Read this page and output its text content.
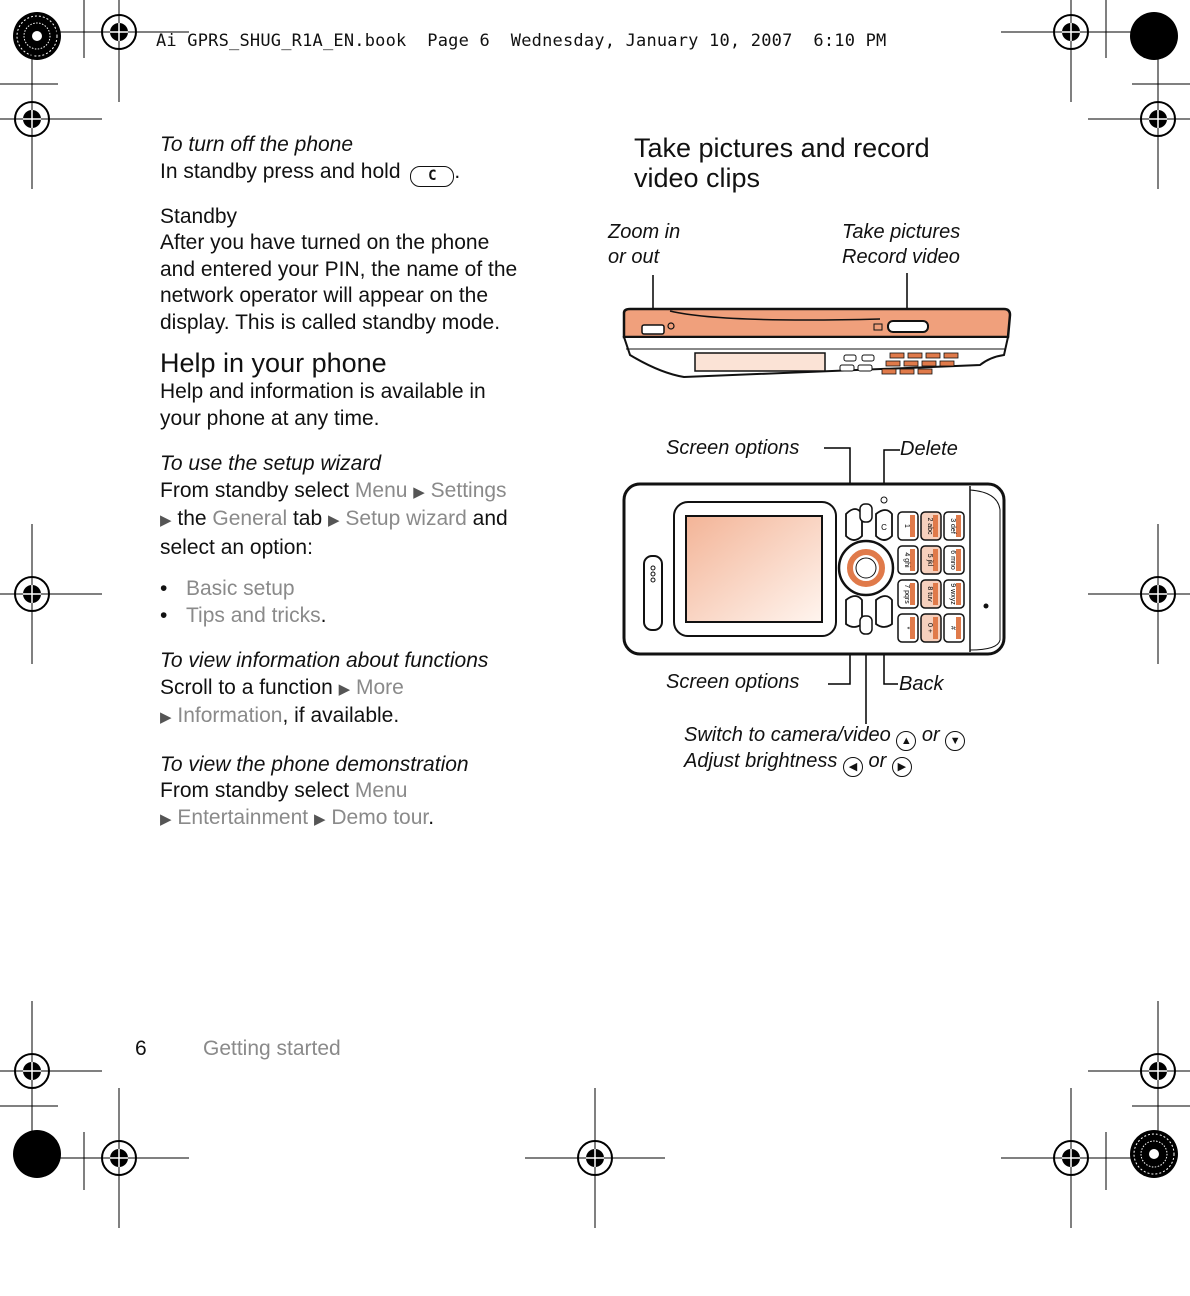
Ai GPRS_SHUG_R1A_EN.book  Page 6  Wednesday, January 10, 2007  6:10 PM

To turn off the phone

In standby press and hold C .

Standby

After you have turned on the phone

and entered your PIN, the name of the

network operator will appear on the

display. This is called standby mode.

Help in your phone

Help and information is available in

your phone at any time.

To use the setup wizard

From standby select Menu ▶ Settings

▶ the General tab ▶ Setup wizard and

select an option:

• Basic setup

• Tips and tricks.

To view information about functions

Scroll to a function ▶ More

▶ Information, if available.

To view the phone demonstration

From standby select Menu

▶ Entertainment ▶ Demo tour.

Take pictures and record

video clips

Zoom in

or out

Take pictures

Record video

Screen options	Delete
Screen options	Back
C 1 2 abc 3 def
4 ghi 5 jkl 6 mno
7 pqrs 8 tuv 9 wxyz
* 0 + #
Switch to camera/video ▲ or ▼
Adjust brightness ◀ or ▶
6	Getting started
